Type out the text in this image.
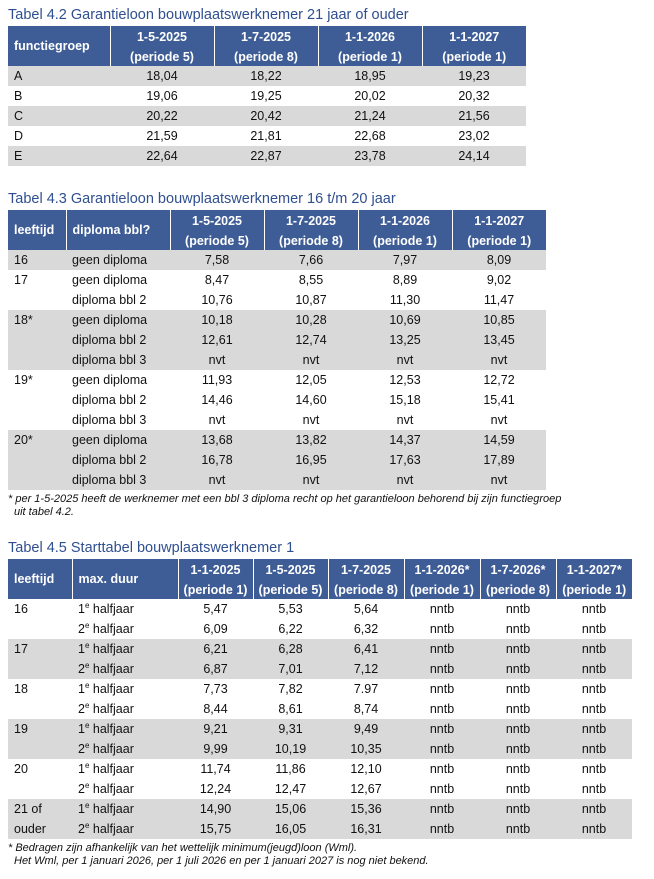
Tabel 4.2 Garantieloon bouwplaatswerknemer 21 jaar of ouder
functiegroep	1-5-2025	1-7-2025	1-1-2026	1-1-2027
	(periode 5)	(periode 8)	(periode 1)	(periode 1)
A	18,04	18,22	18,95	19,23
B	19,06	19,25	20,02	20,32
C	20,22	20,42	21,24	21,56
D	21,59	21,81	22,68	23,02
E	22,64	22,87	23,78	24,14
Tabel 4.3 Garantieloon bouwplaatswerknemer 16 t/m 20 jaar
leeftijd	diploma bbl?	1-5-2025	1-7-2025	1-1-2026	1-1-2027
		(periode 5)	(periode 8)	(periode 1)	(periode 1)
16	geen diploma	7,58	7,66	7,97	8,09
17	geen diploma	8,47	8,55	8,89	9,02
	diploma bbl 2	10,76	10,87	11,30	11,47
18*	geen diploma	10,18	10,28	10,69	10,85
	diploma bbl 2	12,61	12,74	13,25	13,45
	diploma bbl 3	nvt	nvt	nvt	nvt
19*	geen diploma	11,93	12,05	12,53	12,72
	diploma bbl 2	14,46	14,60	15,18	15,41
	diploma bbl 3	nvt	nvt	nvt	nvt
20*	geen diploma	13,68	13,82	14,37	14,59
	diploma bbl 2	16,78	16,95	17,63	17,89
	diploma bbl 3	nvt	nvt	nvt	nvt
* per 1-5-2025 heeft de werknemer met een bbl 3 diploma recht op het garantieloon behorend bij zijn functiegroep
uit tabel 4.2.
Tabel 4.5 Starttabel bouwplaatswerknemer 1
leeftijd	max. duur	1-1-2025	1-5-2025	1-7-2025	1-1-2026*	1-7-2026*	1-1-2027*
		(periode 1)	(periode 5)	(periode 8)	(periode 1)	(periode 8)	(periode 1)
16	1e halfjaar	5,47	5,53	5,64	nntb	nntb	nntb
	2e halfjaar	6,09	6,22	6,32	nntb	nntb	nntb
17	1e halfjaar	6,21	6,28	6,41	nntb	nntb	nntb
	2e halfjaar	6,87	7,01	7,12	nntb	nntb	nntb
18	1e halfjaar	7,73	7,82	7.97	nntb	nntb	nntb
	2e halfjaar	8,44	8,61	8,74	nntb	nntb	nntb
19	1e halfjaar	9,21	9,31	9,49	nntb	nntb	nntb
	2e halfjaar	9,99	10,19	10,35	nntb	nntb	nntb
20	1e halfjaar	11,74	11,86	12,10	nntb	nntb	nntb
	2e halfjaar	12,24	12,47	12,67	nntb	nntb	nntb
21 of	1e halfjaar	14,90	15,06	15,36	nntb	nntb	nntb
ouder	2e halfjaar	15,75	16,05	16,31	nntb	nntb	nntb
* Bedragen zijn afhankelijk van het wettelijk minimum(jeugd)loon (Wml).
Het Wml, per 1 januari 2026, per 1 juli 2026 en per 1 januari 2027 is nog niet bekend.
